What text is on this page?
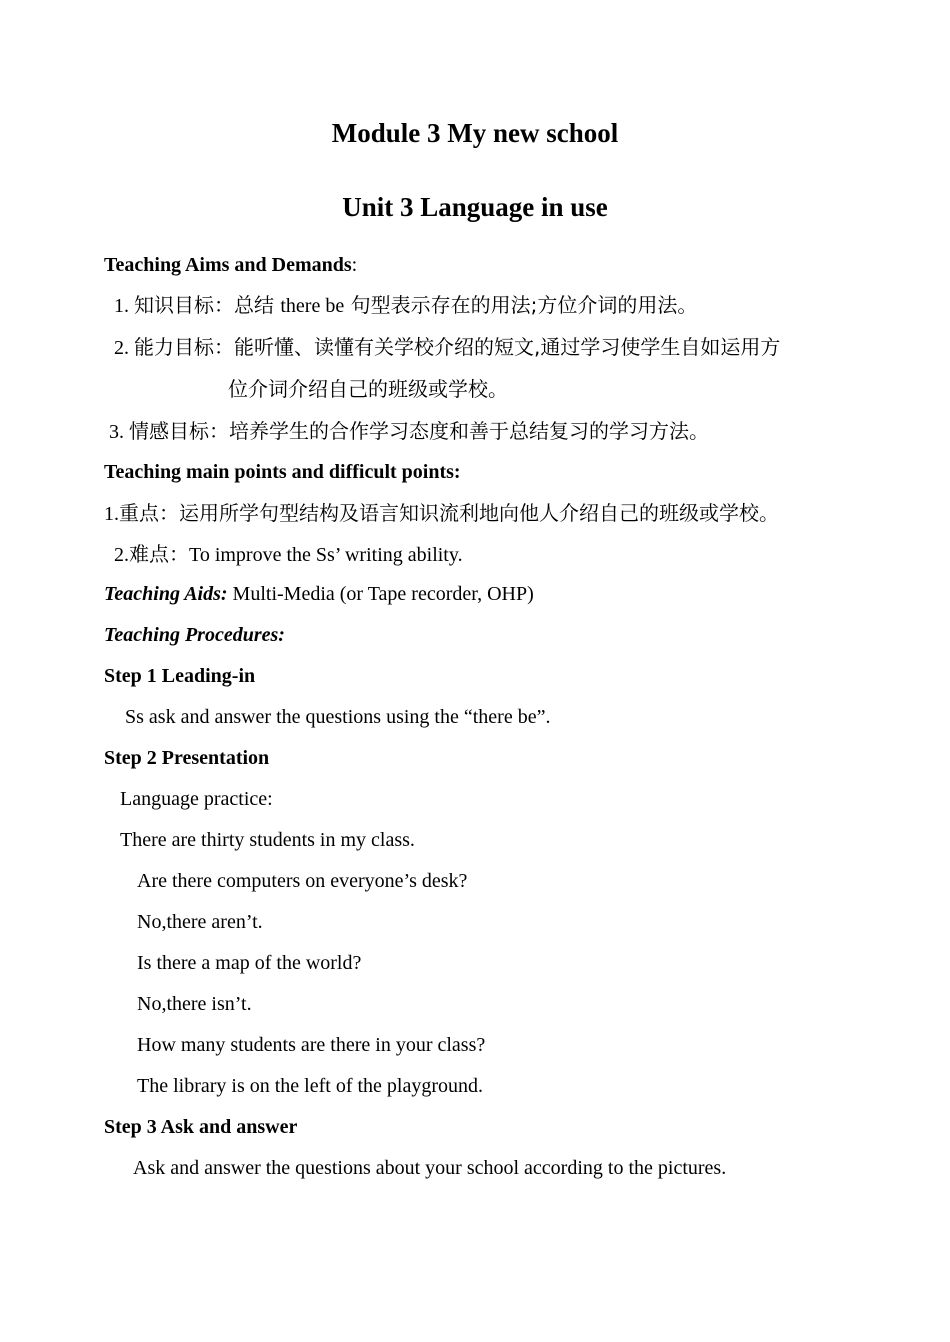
Module 3 My new school
Unit 3 Language in use
Teaching Aims and Demands:
1. 知识目标：总结 there be 句型表示存在的用法;方位介词的用法。
2. 能力目标：能听懂、读懂有关学校介绍的短文,通过学习使学生自如运用方
位介词介绍自己的班级或学校。
3. 情感目标：培养学生的合作学习态度和善于总结复习的学习方法。
Teaching main points and difficult points:
1.重点：运用所学句型结构及语言知识流利地向他人介绍自己的班级或学校。
2.难点：To improve the Ss’ writing ability.
Teaching Aids: Multi-Media (or Tape recorder, OHP)
Teaching Procedures:
Step 1 Leading-in
Ss ask and answer the questions using the “there be”.
Step 2 Presentation
Language practice:
There are thirty students in my class.
Are there computers on everyone’s desk?
No,there aren’t.
Is there a map of the world?
No,there isn’t.
How many students are there in your class?
The library is on the left of the playground.
Step 3 Ask and answer
Ask and answer the questions about your school according to the pictures.
